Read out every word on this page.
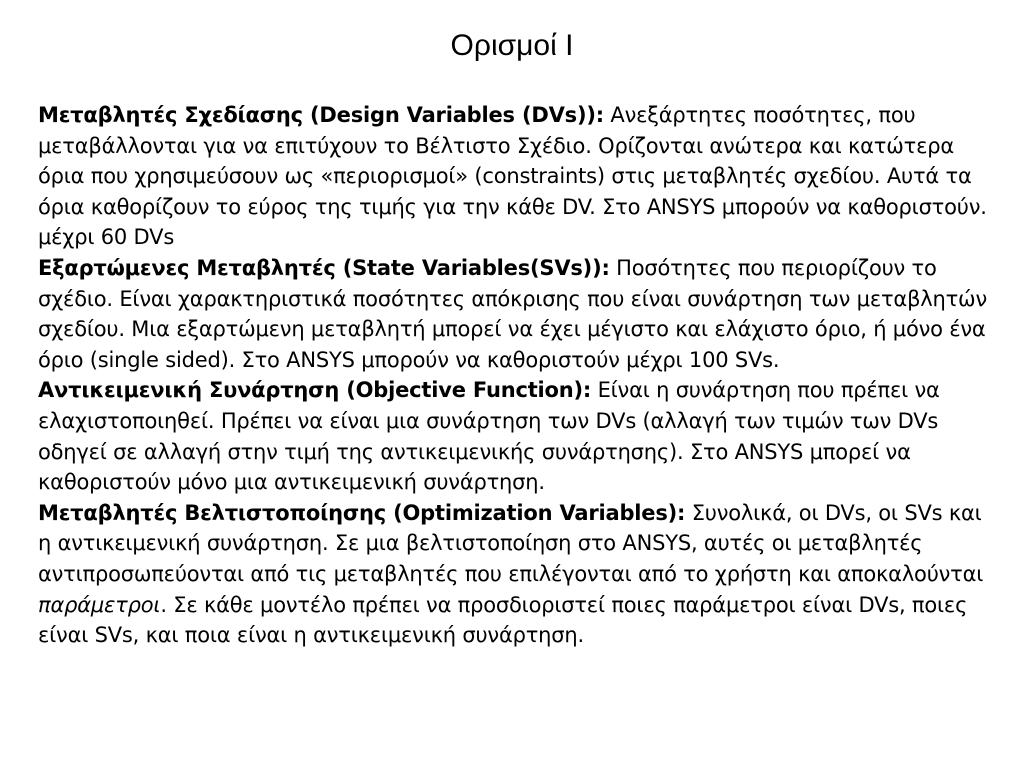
Ορισμοί Ι

Μεταβλητές Σχεδίασης (Design Variables (DVs)): Ανεξάρτητες ποσότητες, που μεταβάλλονται για να επιτύχουν το Βέλτιστο Σχέδιο. Ορίζονται ανώτερα και κατώτερα όρια που χρησιμεύσουν ως «περιορισμοί» (constraints) στις μεταβλητές σχεδίου. Αυτά τα όρια καθορίζουν το εύρος της τιμής για την κάθε DV. Στο ANSYS μπορούν να καθοριστούν. μέχρι 60 DVs

Εξαρτώμενες Μεταβλητές (State Variables(SVs)): Ποσότητες που περιορίζουν το σχέδιο. Είναι χαρακτηριστικά ποσότητες απόκρισης που είναι συνάρτηση των μεταβλητών σχεδίου. Μια εξαρτώμενη μεταβλητή μπορεί να έχει μέγιστο και ελάχιστο όριο, ή μόνο ένα όριο (single sided). Στο ANSYS μπορούν να καθοριστούν μέχρι 100 SVs.

Αντικειμενική Συνάρτηση (Objective Function): Είναι η συνάρτηση που πρέπει να ελαχιστοποιηθεί. Πρέπει να είναι μια συνάρτηση των DVs (αλλαγή των τιμών των DVs οδηγεί σε αλλαγή στην τιμή της αντικειμενικής συνάρτησης). Στο ANSYS μπορεί να καθοριστούν μόνο μια αντικειμενική συνάρτηση.

Μεταβλητές Βελτιστοποίησης (Optimization Variables): Συνολικά, οι DVs, οι SVs και η αντικειμενική συνάρτηση. Σε μια βελτιστοποίηση στο ANSYS, αυτές οι μεταβλητές αντιπροσωπεύονται από τις μεταβλητές που επιλέγονται από το χρήστη και αποκαλούνται παράμετροι. Σε κάθε μοντέλο πρέπει να προσδιοριστεί ποιες παράμετροι είναι DVs, ποιες είναι SVs, και ποια είναι η αντικειμενική συνάρτηση.
